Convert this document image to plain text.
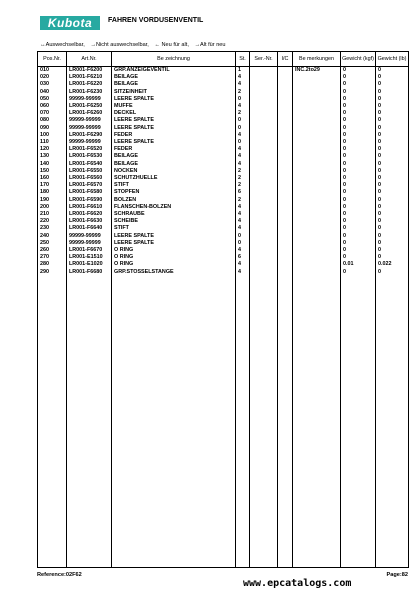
Kubota	FAHREN VORDUSENVENTIL
↔Auswechselbar, →Nicht auswechselbar, ← Neu für alt, →Alt für neu
Pos.Nr.	Art.Nr.	Be zeichnung	St.	Ser.-Nr.	I/C	Be merkungen	Gewicht (kgf)	Gewicht (lb)
010	LR001-F6200	GRP.ANZEIGEVENTIL	1			INC.2to29	0	0
020	LR001-F6210	BEILAGE	4				0	0
030	LR001-F6220	BEILAGE	4				0	0
040	LR001-F6230	SITZEINHEIT	2				0	0
050	99999-99999	LEERE SPALTE	0				0	0
060	LR001-F6250	MUFFE	4				0	0
070	LR001-F6260	DECKEL	2				0	0
080	99999-99999	LEERE SPALTE	0				0	0
090	99999-99999	LEERE SPALTE	0				0	0
100	LR001-F6290	FEDER	4				0	0
110	99999-99999	LEERE SPALTE	0				0	0
120	LR001-F6520	FEDER	4				0	0
130	LR001-F6530	BEILAGE	4				0	0
140	LR001-F6540	BEILAGE	4				0	0
150	LR001-F6550	NOCKEN	2				0	0
160	LR001-F6560	SCHUTZHUELLE	2				0	0
170	LR001-F6570	STIFT	2				0	0
180	LR001-F6580	STOPFEN	6				0	0
190	LR001-F6590	BOLZEN	2				0	0
200	LR001-F6610	FLANSCHEN-BOLZEN	4				0	0
210	LR001-F6620	SCHRAUBE	4				0	0
220	LR001-F6630	SCHEIBE	4				0	0
230	LR001-F6640	STIFT	4				0	0
240	99999-99999	LEERE SPALTE	0				0	0
250	99999-99999	LEERE SPALTE	0				0	0
260	LR001-F6670	O RING	4				0	0
270	LR001-E1510	O RING	6				0	0
280	LR001-E1020	O RING	4				0.01	0.022
290	LR001-F6680	GRP.STOSSELSTANGE	4				0	0

Reference:02F62	Page:82
www.epcatalogs.com
